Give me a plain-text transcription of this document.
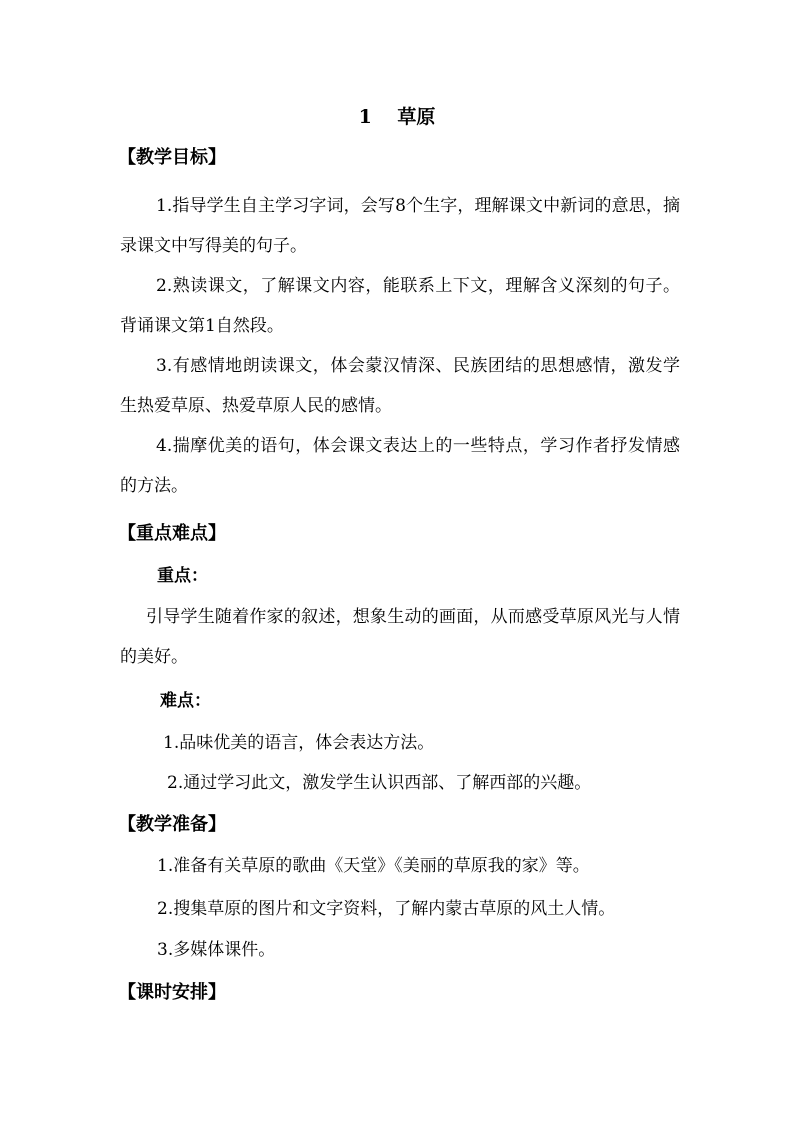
1　 草原
【教学目标】
1.指导学生自主学习字词，会写8个生字，理解课文中新词的意思，摘录课文中写得美的句子。
2.熟读课文，了解课文内容，能联系上下文，理解含义深刻的句子。背诵课文第1自然段。
3.有感情地朗读课文，体会蒙汉情深、民族团结的思想感情，激发学生热爱草原、热爱草原人民的感情。
4.揣摩优美的语句，体会课文表达上的一些特点，学习作者抒发情感的方法。
【重点难点】
重点：
引导学生随着作家的叙述，想象生动的画面，从而感受草原风光与人情的美好。
难点：
1.品味优美的语言，体会表达方法。
2.通过学习此文，激发学生认识西部、了解西部的兴趣。
【教学准备】
1.准备有关草原的歌曲《天堂》《美丽的草原我的家》等。
2.搜集草原的图片和文字资料，了解内蒙古草原的风土人情。
3.多媒体课件。
【课时安排】
